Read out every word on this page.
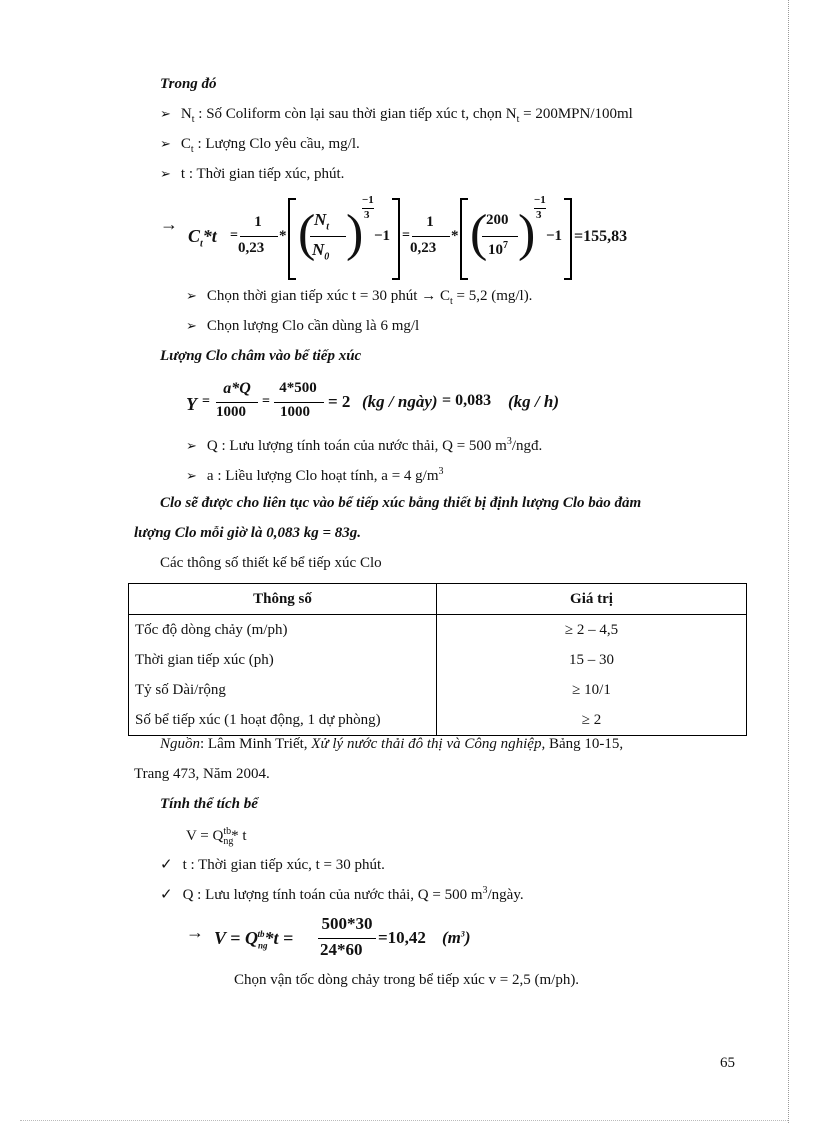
Trong đó
➢ $N_t$ : Số Coliform còn lại sau thời gian tiếp xúc t, chọn $N_t = 200MPN/100ml$
➢ $C_t$ : Lượng Clo yêu cầu, mg/l.
➢ t : Thời gian tiếp xúc, phút.
→
$C_t*t$ =
1
0,23
* (
$N_t$
$N_0$ )
−1
3
−1 =
1
0,23
* (
200
$10^7$ )
−1
3
−1 =155,83
➢ Chọn thời gian tiếp xúc t = 30 phút → $C_t = 5,2$ (mg/l).
➢ Chọn lượng Clo cần dùng là 6 mg/l
Lượng Clo châm vào bể tiếp xúc
Y =
a*Q
1000
=
4*500
1000
= 2 (kg / ngày) = 0,083 (kg / h)
➢ Q : Lưu lượng tính toán của nước thải, Q = 500 $m^3$/ngđ.
➢ a : Liều lượng Clo hoạt tính, a = 4 $g/m^3$
Clo sẽ được cho liên tục vào bể tiếp xúc bằng thiết bị định lượng Clo bảo đảm
lượng Clo mỗi giờ là 0,083 kg = 83g.
Các thông số thiết kế bể tiếp xúc Clo
Thông số	Giá trị
Tốc độ dòng chảy (m/ph)	≥ 2 – 4,5
Thời gian tiếp xúc (ph)	15 – 30
Tỷ số Dài/rộng	≥ 10/1
Số bể tiếp xúc (1 hoạt động, 1 dự phòng)	≥ 2
Nguồn: Lâm Minh Triết, Xử lý nước thải đô thị và Công nghiệp, Bảng 10-15,
Trang 473, Năm 2004.
Tính thể tích bể
$V = Q_{ng}^{tb}*$ t
✓ t : Thời gian tiếp xúc, t = 30 phút.
✓ Q : Lưu lượng tính toán của nước thải, Q = 500 $m^3$/ngày.
→ $V = Q_{ng}^{tb}*t$ =
500*30
24*60
=10,42 $(m^3)$
Chọn vận tốc dòng chảy trong bể tiếp xúc v = 2,5 (m/ph).
65
